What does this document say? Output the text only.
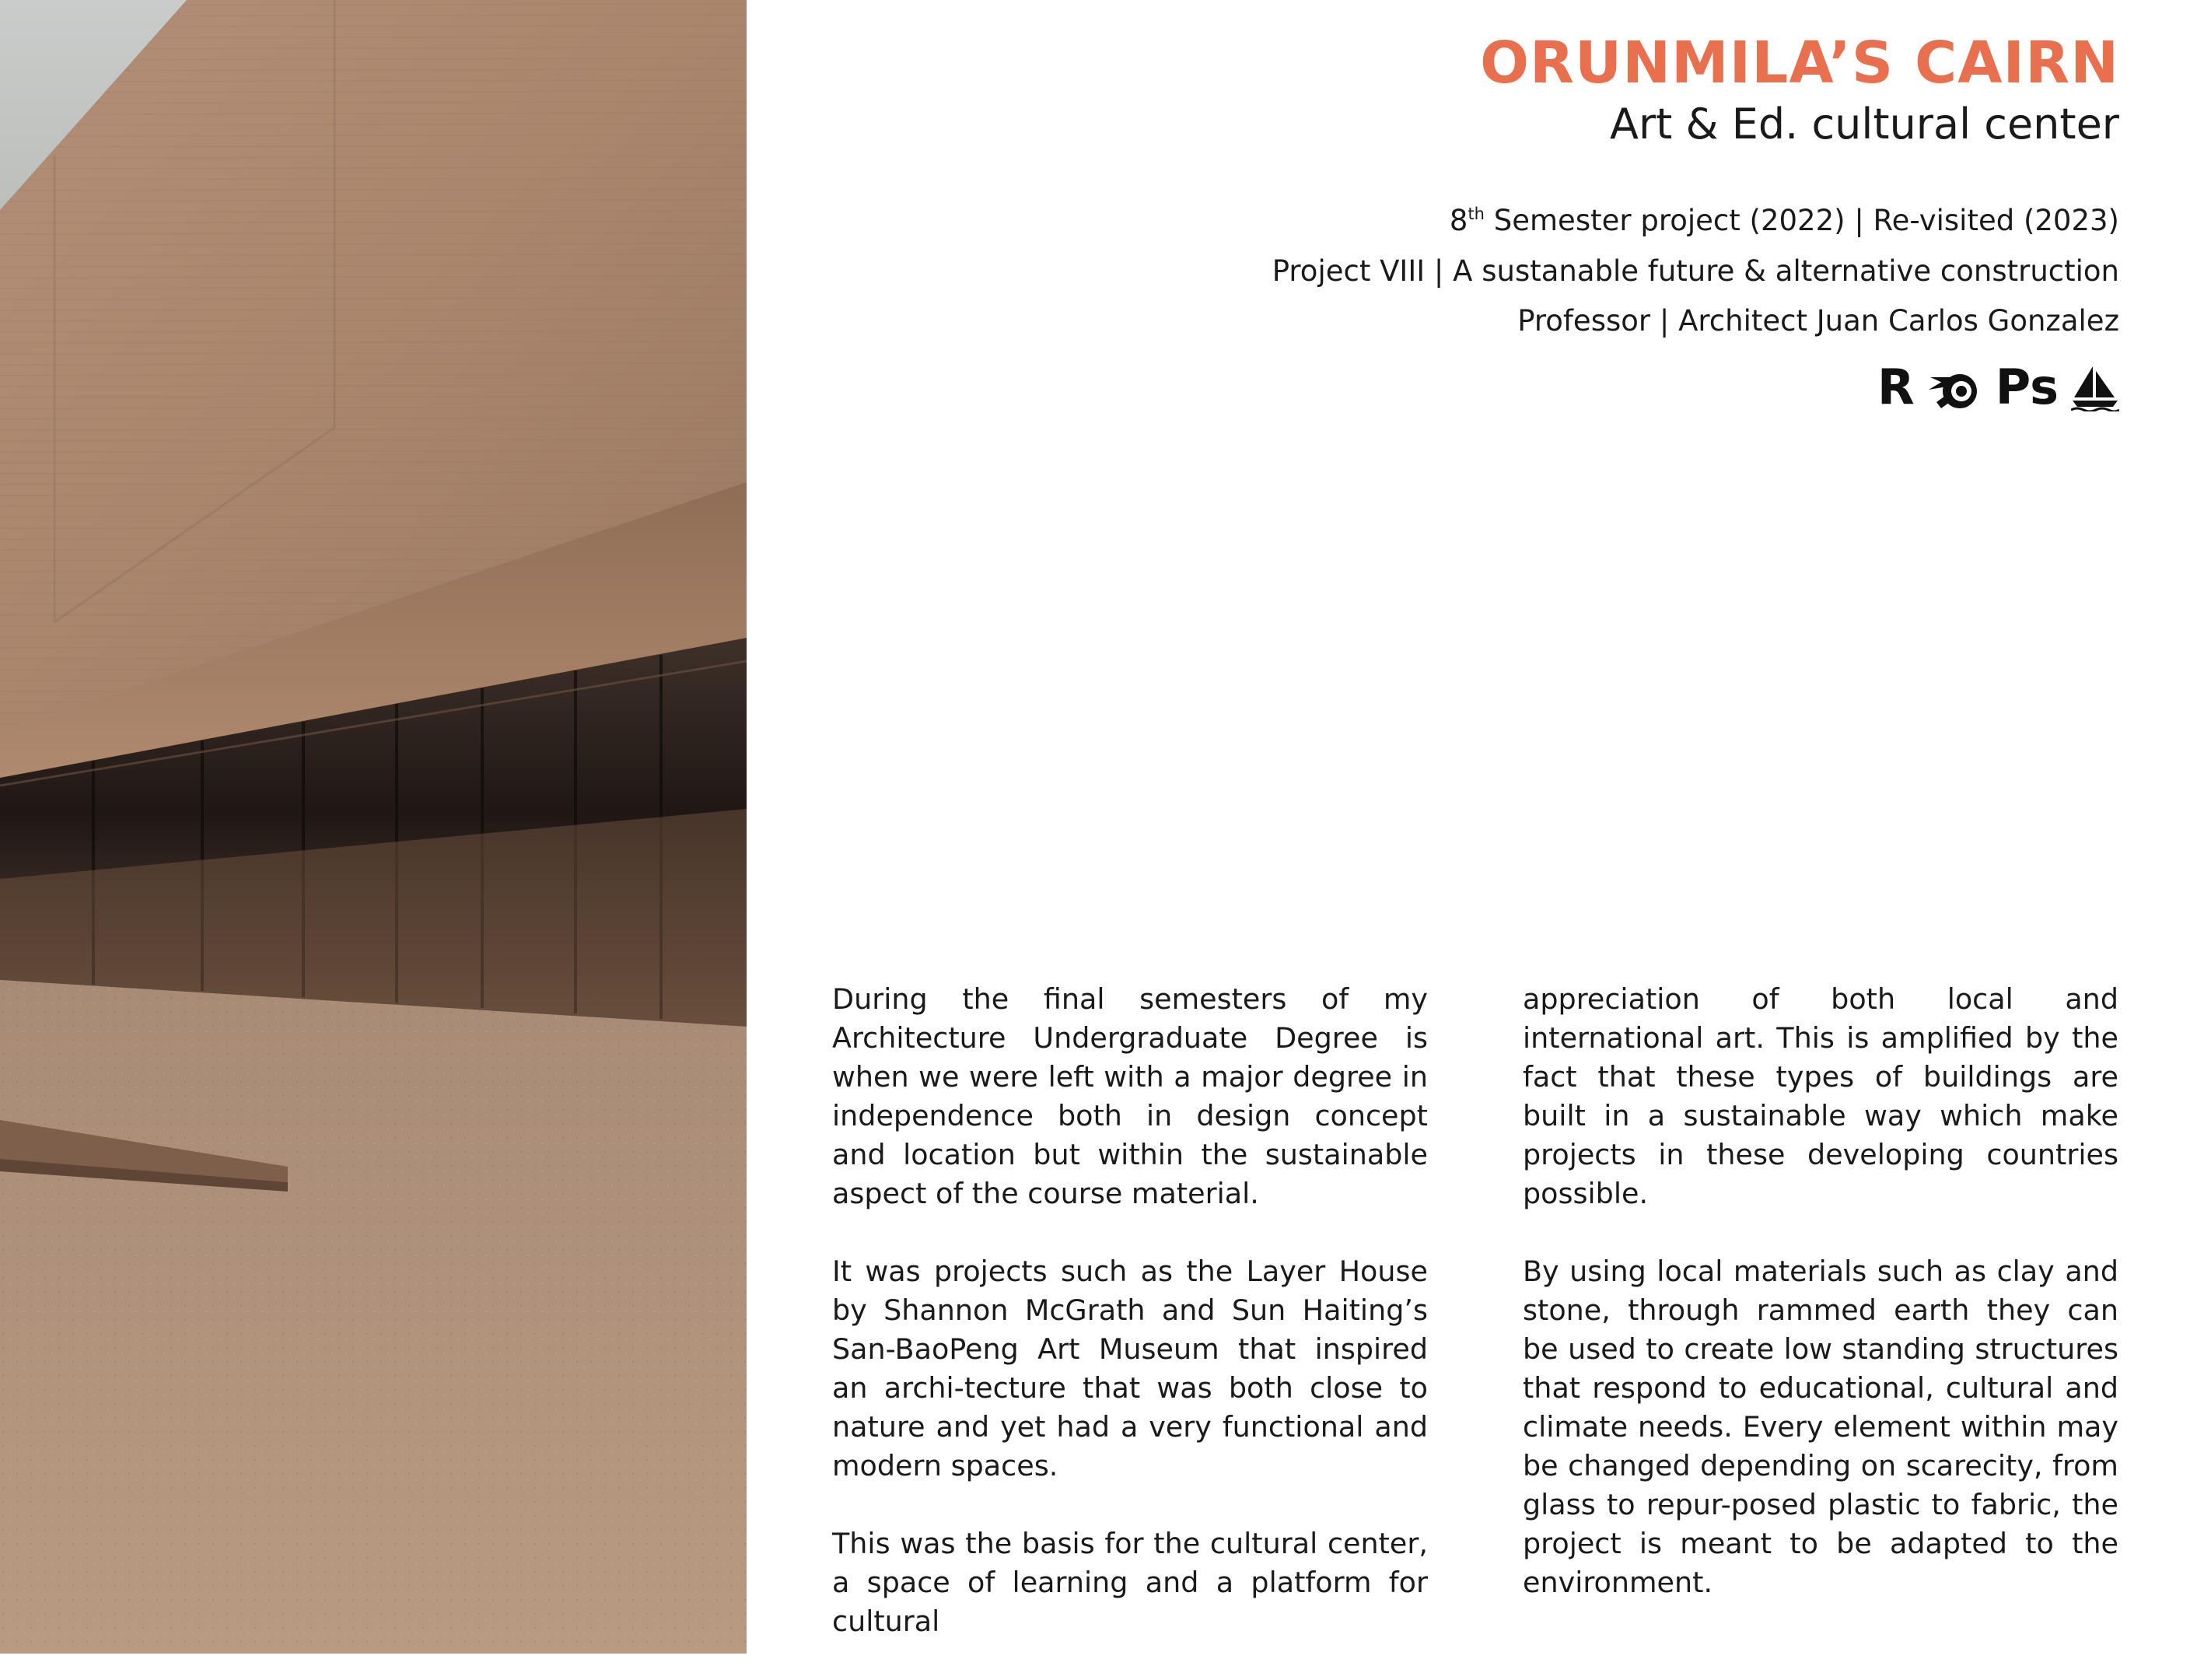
ORUNMILA’S CAIRN
Art & Ed. cultural center

8th Semester project (2022) | Re-visited (2023)

Project VIII | A sustanable future & alternative construction

Professor | Architect Juan Carlos Gonzalez

R Ps

During the final semesters of my Architecture Undergraduate Degree is when we were left with a major degree in independence both in design concept and location but within the sustainable aspect of the course material.

It was projects such as the Layer House by Shannon McGrath and Sun Haiting’s San-BaoPeng Art Museum that inspired an archi-tecture that was both close to nature and yet had a very functional and modern spaces.

This was the basis for the cultural center, a space of learning and a platform for cultural

appreciation of both local and international art. This is amplified by the fact that these types of buildings are built in a sustainable way which make projects in these developing countries possible.

By using local materials such as clay and stone, through rammed earth they can be used to create low standing structures that respond to educational, cultural and climate needs. Every element within may be changed depending on scarecity, from glass to repur-posed plastic to fabric, the project is meant to be adapted to the environment.
